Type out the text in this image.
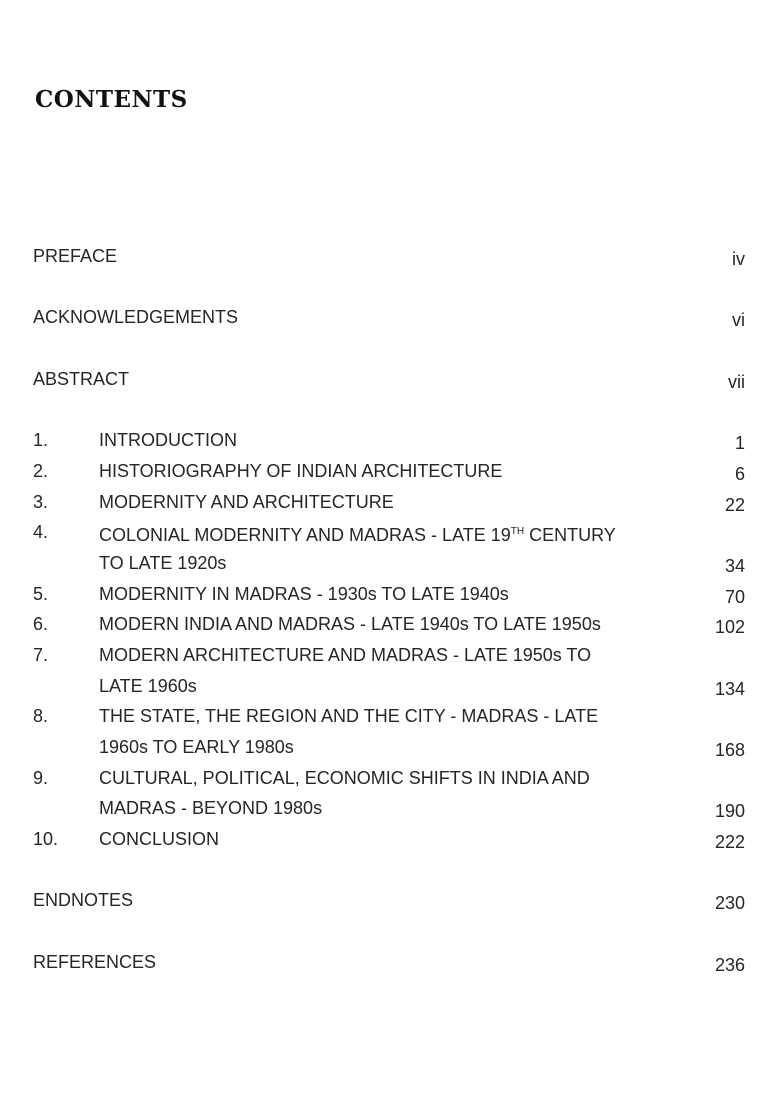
CONTENTS
PREFACE	iv
ACKNOWLEDGEMENTS	vi
ABSTRACT	vii
1.	INTRODUCTION	1
2.	HISTORIOGRAPHY OF INDIAN ARCHITECTURE	6
3.	MODERNITY AND ARCHITECTURE	22
4.	COLONIAL MODERNITY AND MADRAS - LATE 19TH CENTURY
TO LATE 1920s	34
5.	MODERNITY IN MADRAS - 1930s TO LATE 1940s	70
6.	MODERN INDIA AND MADRAS - LATE 1940s TO LATE 1950s	102
7.	MODERN ARCHITECTURE AND MADRAS - LATE 1950s TO
LATE 1960s	134
8.	THE STATE, THE REGION AND THE CITY - MADRAS - LATE
1960s TO EARLY 1980s	168
9.	CULTURAL, POLITICAL, ECONOMIC SHIFTS IN INDIA AND
MADRAS - BEYOND 1980s	190
10. CONCLUSION	222
ENDNOTES	230
REFERENCES	236
